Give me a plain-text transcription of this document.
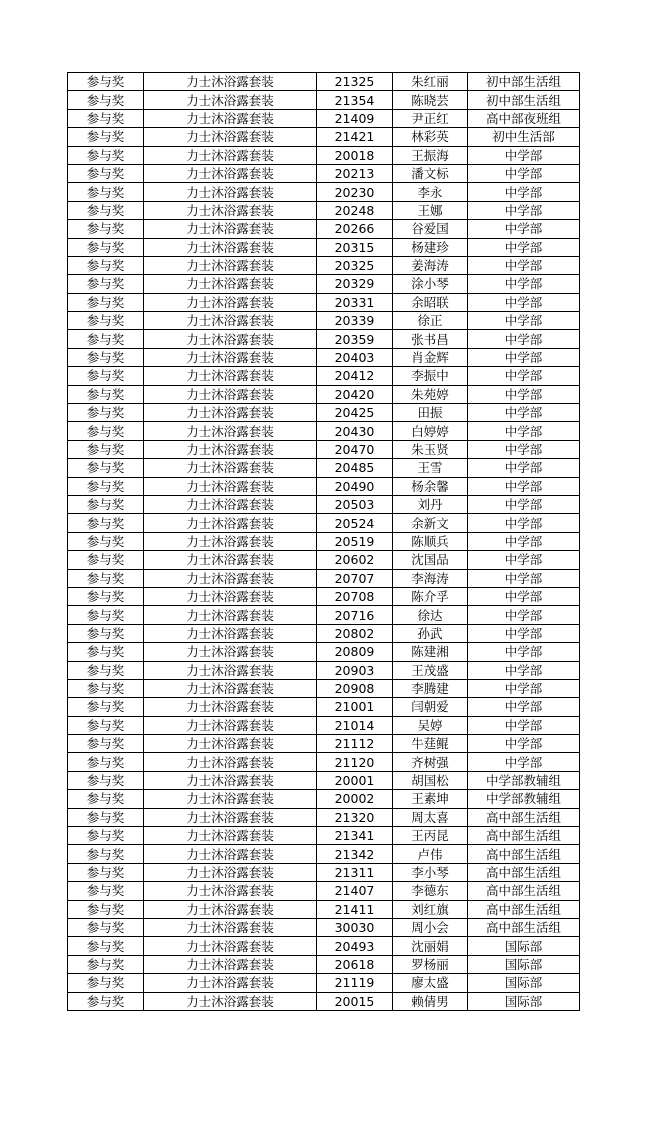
参与奖	力士沐浴露套装	21325	朱红丽	初中部生活组
参与奖	力士沐浴露套装	21354	陈晓芸	初中部生活组
参与奖	力士沐浴露套装	21409	尹正红	高中部夜班组
参与奖	力士沐浴露套装	21421	林彩英	初中生活部
参与奖	力士沐浴露套装	20018	王振海	中学部
参与奖	力士沐浴露套装	20213	潘文标	中学部
参与奖	力士沐浴露套装	20230	李永	中学部
参与奖	力士沐浴露套装	20248	王娜	中学部
参与奖	力士沐浴露套装	20266	谷爱国	中学部
参与奖	力士沐浴露套装	20315	杨建珍	中学部
参与奖	力士沐浴露套装	20325	姜海涛	中学部
参与奖	力士沐浴露套装	20329	涂小琴	中学部
参与奖	力士沐浴露套装	20331	余昭联	中学部
参与奖	力士沐浴露套装	20339	徐正	中学部
参与奖	力士沐浴露套装	20359	张书昌	中学部
参与奖	力士沐浴露套装	20403	肖金辉	中学部
参与奖	力士沐浴露套装	20412	李振中	中学部
参与奖	力士沐浴露套装	20420	朱苑婷	中学部
参与奖	力士沐浴露套装	20425	田振	中学部
参与奖	力士沐浴露套装	20430	白婷婷	中学部
参与奖	力士沐浴露套装	20470	朱玉贤	中学部
参与奖	力士沐浴露套装	20485	王雪	中学部
参与奖	力士沐浴露套装	20490	杨余馨	中学部
参与奖	力士沐浴露套装	20503	刘丹	中学部
参与奖	力士沐浴露套装	20524	余新文	中学部
参与奖	力士沐浴露套装	20519	陈顺兵	中学部
参与奖	力士沐浴露套装	20602	沈国品	中学部
参与奖	力士沐浴露套装	20707	李海涛	中学部
参与奖	力士沐浴露套装	20708	陈介孚	中学部
参与奖	力士沐浴露套装	20716	徐达	中学部
参与奖	力士沐浴露套装	20802	孙武	中学部
参与奖	力士沐浴露套装	20809	陈建湘	中学部
参与奖	力士沐浴露套装	20903	王茂盛	中学部
参与奖	力士沐浴露套装	20908	李腾建	中学部
参与奖	力士沐浴露套装	21001	闫朝爱	中学部
参与奖	力士沐浴露套装	21014	吴婷	中学部
参与奖	力士沐浴露套装	21112	牛莛鲲	中学部
参与奖	力士沐浴露套装	21120	齐树强	中学部
参与奖	力士沐浴露套装	20001	胡国松	中学部教辅组
参与奖	力士沐浴露套装	20002	王素坤	中学部教辅组
参与奖	力士沐浴露套装	21320	周太喜	高中部生活组
参与奖	力士沐浴露套装	21341	王丙昆	高中部生活组
参与奖	力士沐浴露套装	21342	卢伟	高中部生活组
参与奖	力士沐浴露套装	21311	李小琴	高中部生活组
参与奖	力士沐浴露套装	21407	李德东	高中部生活组
参与奖	力士沐浴露套装	21411	刘红旗	高中部生活组
参与奖	力士沐浴露套装	30030	周小会	高中部生活组
参与奖	力士沐浴露套装	20493	沈丽娟	国际部
参与奖	力士沐浴露套装	20618	罗杨丽	国际部
参与奖	力士沐浴露套装	21119	廖太盛	国际部
参与奖	力士沐浴露套装	20015	赖倩男	国际部
